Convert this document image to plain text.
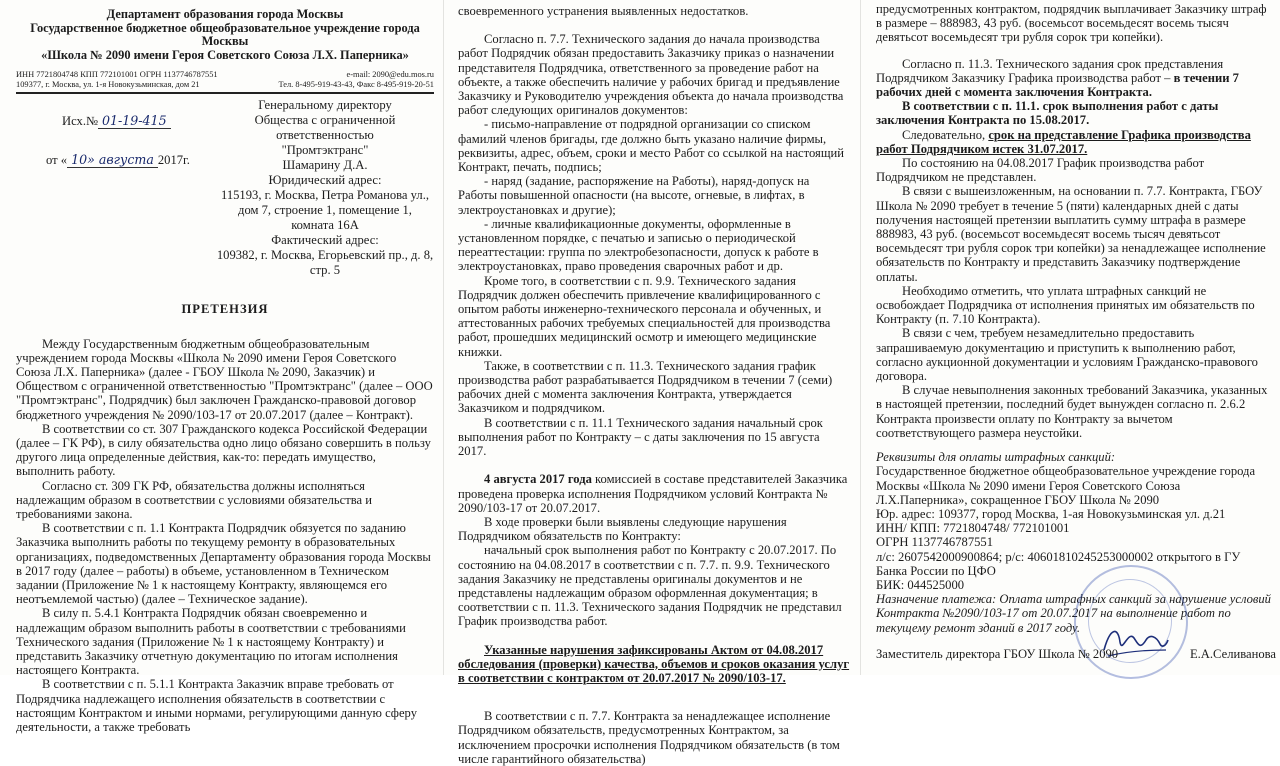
Департамент образования города Москвы

Государственное бюджетное общеобразовательное учреждение города Москвы

«Школа № 2090 имени Героя Советского Союза Л.Х. Паперника»

ИНН 7721804748 КПП 772101001 ОГРН 1137746787551	e-mail: 2090@edu.mos.ru
109377, г. Москва, ул. 1-я Новокузьминская, дом 21	Тел. 8-495-919-43-43, Факс 8-495-919-20-51
Генеральному директору
Исх.№ 01-19-415	Общества с ограниченной ответственностью
"Промтэктранс"
от « 10» августа 2017г.	Шамарину Д.А.
Юридический адрес:
115193, г. Москва, Петра Романова ул.,
дом 7, строение 1, помещение 1, комната 16А
Фактический адрес:
109382, г. Москва, Егорьевский пр., д. 8, стр. 5

ПРЕТЕНЗИЯ

Между Государственным бюджетным общеобразовательным учреждением города Москвы «Школа № 2090 имени Героя Советского Союза Л.Х. Паперника» (далее - ГБОУ Школа № 2090, Заказчик) и Обществом с ограниченной ответственностью "Промтэктранс" (далее – ООО "Промтэктранс", Подрядчик) был заключен Гражданско-правовой договор бюджетного учреждения № 2090/103-17 от 20.07.2017 (далее – Контракт).

В соответствии со ст. 307 Гражданского кодекса Российской Федерации (далее – ГК РФ), в силу обязательства одно лицо обязано совершить в пользу другого лица определенные действия, как-то: передать имущество, выполнить работу.

Согласно ст. 309 ГК РФ, обязательства должны исполняться надлежащим образом в соответствии с условиями обязательства и требованиями закона.

В соответствии с п. 1.1 Контракта Подрядчик обязуется по заданию Заказчика выполнить работы по текущему ремонту в образовательных организациях, подведомственных Департаменту образования города Москвы в 2017 году (далее – работы) в объеме, установленном в Техническом задании (Приложение № 1 к настоящему Контракту, являющемся его неотъемлемой частью) (далее – Техническое задание).

В силу п. 5.4.1 Контракта Подрядчик обязан своевременно и надлежащим образом выполнить работы в соответствии с требованиями Технического задания (Приложение № 1 к настоящему Контракту) и представить Заказчику отчетную документацию по итогам исполнения настоящего Контракта.

В соответствии с п. 5.1.1 Контракта Заказчик вправе требовать от Подрядчика надлежащего исполнения обязательств в соответствии с настоящим Контрактом и иными нормами, регулирующими данную сферу деятельности, а также требовать

своевременного устранения выявленных недостатков.

Согласно п. 7.7. Технического задания до начала производства работ Подрядчик обязан предоставить Заказчику приказ о назначении представителя Подрядчика, ответственного за проведение работ на объекте, а также обеспечить наличие у рабочих бригад и предъявление Заказчику и Руководителю учреждения объекта до начала производства работ следующих оригиналов документов:

- письмо-направление от подрядной организации со списком фамилий членов бригады, где должно быть указано наличие фирмы, реквизиты, адрес, объем, сроки и место Работ со ссылкой на настоящий Контракт, печать, подпись;

- наряд (задание, распоряжение на Работы), наряд-допуск на Работы повышенной опасности (на высоте, огневые, в лифтах, в электроустановках и другие);

- личные квалификационные документы, оформленные в установленном порядке, с печатью и записью о периодической переаттестации: группа по электробезопасности, допуск к работе в электроустановках, право проведения сварочных работ и др.

Кроме того, в соответствии с п. 9.9. Технического задания Подрядчик должен обеспечить привлечение квалифицированного с опытом работы инженерно-технического персонала и обученных, и аттестованных рабочих требуемых специальностей для производства работ, прошедших медицинский осмотр и имеющего медицинские книжки.

Также, в соответствии с п. 11.3. Технического задания график производства работ разрабатывается Подрядчиком в течении 7 (семи) рабочих дней с момента заключения Контракта, утверждается Заказчиком и подрядчиком.

В соответствии с п. 11.1 Технического задания начальный срок выполнения работ по Контракту – с даты заключения по 15 августа 2017.

4 августа 2017 года комиссией в составе представителей Заказчика проведена проверка исполнения Подрядчиком условий Контракта № 2090/103-17 от 20.07.2017.

В ходе проверки были выявлены следующие нарушения Подрядчиком обязательств по Контракту:

начальный срок выполнения работ по Контракту с 20.07.2017. По состоянию на 04.08.2017 в соответствии с п. 7.7. п. 9.9. Технического задания Заказчику не представлены оригиналы документов и не представлены надлежащим образом оформленная документация; в соответствии с п. 11.3. Технического задания Подрядчик не представил График производства работ.

Указанные нарушения зафиксированы Актом от 04.08.2017 обследования (проверки) качества, объемов и сроков оказания услуг в соответствии с контрактом от 20.07.2017 № 2090/103-17.

В соответствии с п. 7.7. Контракта за ненадлежащее исполнение Подрядчиком обязательств, предусмотренных Контрактом, за исключением просрочки исполнения Подрядчиком обязательств (в том числе гарантийного обязательства)

предусмотренных контрактом, подрядчик выплачивает Заказчику штраф в размере – 888983, 43 руб. (восемьсот восемьдесят восемь тысяч девятьсот восемьдесят три рубля сорок три копейки).

Согласно п. 11.3. Технического задания срок представления Подрядчиком Заказчику Графика производства работ – в течении 7 рабочих дней с момента заключения Контракта.

В соответствии с п. 11.1. срок выполнения работ с даты заключения Контракта по 15.08.2017.

Следовательно, срок на представление Графика производства работ Подрядчиком истек 31.07.2017.

По состоянию на 04.08.2017 График производства работ Подрядчиком не представлен.

В связи с вышеизложенным, на основании п. 7.7. Контракта, ГБОУ Школа № 2090 требует в течение 5 (пяти) календарных дней с даты получения настоящей претензии выплатить сумму штрафа в размере 888983, 43 руб. (восемьсот восемьдесят восемь тысяч девятьсот восемьдесят три рубля сорок три копейки) за ненадлежащее исполнение обязательств по Контракту и представить Заказчику подтверждение оплаты.

Необходимо отметить, что уплата штрафных санкций не освобождает Подрядчика от исполнения принятых им обязательств по Контракту (п. 7.10 Контракта).

В связи с чем, требуем незамедлительно предоставить запрашиваемую документацию и приступить к выполнению работ, согласно аукционной документации и условиям Гражданско-правового договора.

В случае невыполнения законных требований Заказчика, указанных в настоящей претензии, последний будет вынужден согласно п. 2.6.2 Контракта произвести оплату по Контракту за вычетом соответствующего размера неустойки.

Реквизиты для оплаты штрафных санкций:

Государственное бюджетное общеобразовательное учреждение города Москвы «Школа № 2090 имени Героя Советского Союза Л.Х.Паперника», сокращенное ГБОУ Школа № 2090

Юр. адрес: 109377, город Москва, 1-ая Новокузьминская ул. д.21

ИНН/ КПП: 7721804748/ 772101001

ОГРН 1137746787551

л/с: 2607542000900864; р/с: 40601810245253000002 открытого в ГУ Банка России по ЦФО

БИК: 044525000

Назначение платежа: Оплата штрафных санкций за нарушение условий Контракта №2090/103-17 от 20.07.2017 на выполнение работ по текущему ремонт зданий в 2017 году.

Заместитель директора ГБОУ Школа № 2090	Е.А.Селиванова
